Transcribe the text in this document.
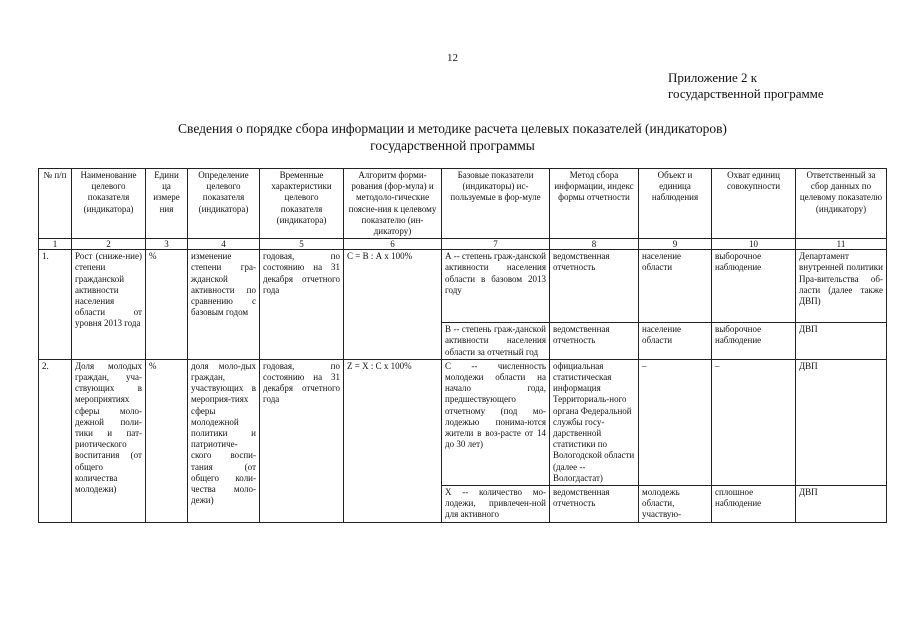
12
Приложение 2 к
государственной программе
Сведения о порядке сбора информации и методике расчета целевых показателей (индикаторов)
государственной программы
№ п/п	Наименование целевого показателя (индикатора)	Едини ца измере ния	Определение целевого показателя (индикатора)	Временные характеристики целевого показателя (индикатора)	Алгоритм форми-рования (фор-мула) и методоло-гические поясне-ния к целевому показателю (ин-дикатору)	Базовые показатели (индикаторы) ис-пользуемые в фор-муле	Метод сбора информации, индекс формы отчетности	Объект и единица наблюдения	Охват единиц совокупности	Ответственный за сбор данных по целевому показателю (индикатору)
1	2	3	4	5	6	7	8	9	10	11
1.	Рост (сниже-ние) степени гражданской активности населения области от уровня 2013 года	%	изменение степени гра-жданской активности по сравнению с базовым годом	годовая, по состоянию на 31 декабря отчетного года	С = В : А х 100%	А -- степень граж-данской активности населения области в базовом 2013 году	ведомственная отчетность	население области	выборочное наблюдение	Департамент внутренней политики Пра-вительства об-ласти (далее также ДВП)
						В -- степень граж-данской активности населения области за отчетный год	ведомственная отчетность	население области	выборочное наблюдение	ДВП
2.	Доля молодых граждан, уча-ствующих в мероприятиях сферы моло-дежной поли-тики и пат-риотического воспитания (от общего количества молодежи)	%	доля моло-дых граждан, участвующих в мероприя-тиях сферы молодежной политики и патриотиче-ского воспи-тания (от общего коли-чества моло-дежи)	годовая, по состоянию на 31 декабря отчетного года	Z = X : С х 100%	С -- численность молодежи области на начало года, предшествующего отчетному (под мо-лодежью понима-ются жители в воз-расте от 14 до 30 лет)	официальная статистическая информация Территориаль-ного органа Федеральной службы госу-дарственной статистики по Вологодской области (далее -- Вологдастат)	–	–	ДВП
						Х -- количество мо-лодежи, привлечен-ной для активного	ведомственная отчетность	молодежь области, участвую-	сплошное наблюдение	ДВП
